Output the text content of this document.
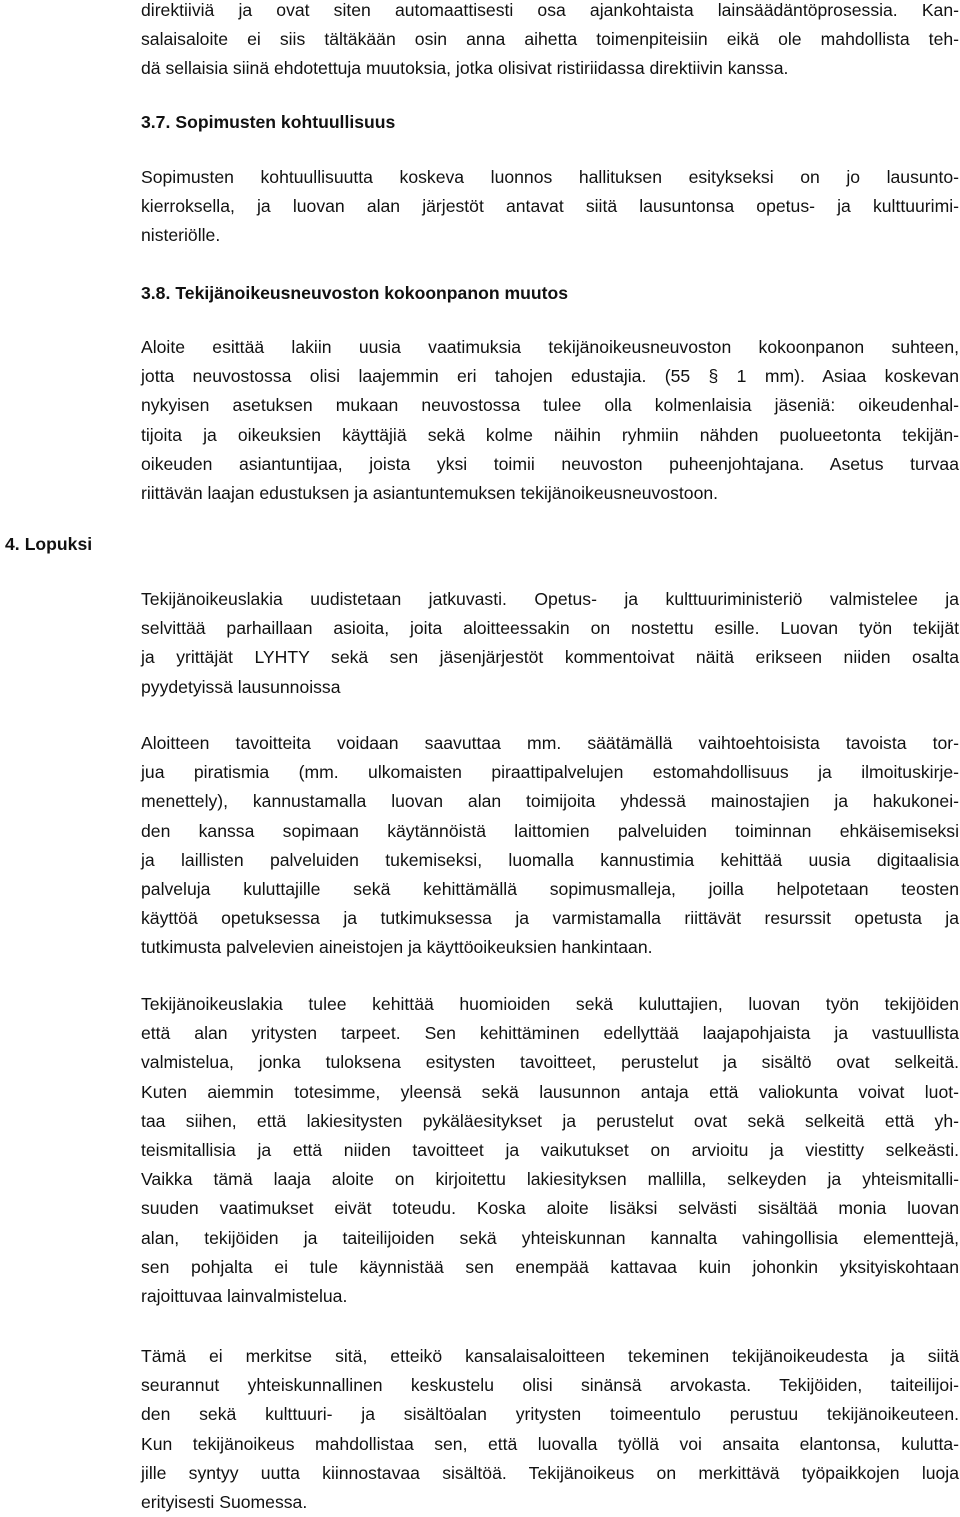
direktiiviä ja ovat siten automaattisesti osa ajankohtaista lainsäädäntöprosessia. Kan-
salaisaloite ei siis tältäkään osin anna aihetta toimenpiteisiin eikä ole mahdollista teh-
dä sellaisia siinä ehdotettuja muutoksia, jotka olisivat ristiriidassa direktiivin kanssa.
3.7. Sopimusten kohtuullisuus
Sopimusten kohtuullisuutta koskeva luonnos hallituksen esitykseksi on jo lausunto-
kierroksella, ja luovan alan järjestöt antavat siitä lausuntonsa opetus- ja kulttuurimi-
nisteriölle.
3.8. Tekijänoikeusneuvoston kokoonpanon muutos
Aloite esittää lakiin uusia vaatimuksia tekijänoikeusneuvoston kokoonpanon suhteen,
jotta neuvostossa olisi laajemmin eri tahojen edustajia. (55 § 1 mm). Asiaa koskevan
nykyisen asetuksen mukaan neuvostossa tulee olla kolmenlaisia jäseniä: oikeudenhal-
tijoita ja oikeuksien käyttäjiä sekä kolme näihin ryhmiin nähden puolueetonta tekijän-
oikeuden asiantuntijaa, joista yksi toimii neuvoston puheenjohtajana. Asetus turvaa
riittävän laajan edustuksen ja asiantuntemuksen tekijänoikeusneuvostoon.
4. Lopuksi
Tekijänoikeuslakia uudistetaan jatkuvasti. Opetus- ja kulttuuriministeriö valmistelee ja
selvittää parhaillaan asioita, joita aloitteessakin on nostettu esille. Luovan työn tekijät
ja yrittäjät LYHTY sekä sen jäsenjärjestöt kommentoivat näitä erikseen niiden osalta
pyydetyissä lausunnoissa
Aloitteen tavoitteita voidaan saavuttaa mm. säätämällä vaihtoehtoisista tavoista tor-
jua piratismia (mm. ulkomaisten piraattipalvelujen estomahdollisuus ja ilmoituskirje-
menettely), kannustamalla luovan alan toimijoita yhdessä mainostajien ja hakukonei-
den kanssa sopimaan käytännöistä laittomien palveluiden toiminnan ehkäisemiseksi
ja laillisten palveluiden tukemiseksi, luomalla kannustimia kehittää uusia digitaalisia
palveluja kuluttajille sekä kehittämällä sopimusmalleja, joilla helpotetaan teosten
käyttöä opetuksessa ja tutkimuksessa ja varmistamalla riittävät resurssit opetusta ja
tutkimusta palvelevien aineistojen ja käyttöoikeuksien hankintaan.
Tekijänoikeuslakia tulee kehittää huomioiden sekä kuluttajien, luovan työn tekijöiden
että alan yritysten tarpeet. Sen kehittäminen edellyttää laajapohjaista ja vastuullista
valmistelua, jonka tuloksena esitysten tavoitteet, perustelut ja sisältö ovat selkeitä.
Kuten aiemmin totesimme, yleensä sekä lausunnon antaja että valiokunta voivat luot-
taa siihen, että lakiesitysten pykäläesitykset ja perustelut ovat sekä selkeitä että yh-
teismitallisia ja että niiden tavoitteet ja vaikutukset on arvioitu ja viestitty selkeästi.
Vaikka tämä laaja aloite on kirjoitettu lakiesityksen mallilla, selkeyden ja yhteismitalli-
suuden vaatimukset eivät toteudu. Koska aloite lisäksi selvästi sisältää monia luovan
alan, tekijöiden ja taiteilijoiden sekä yhteiskunnan kannalta vahingollisia elementtejä,
sen pohjalta ei tule käynnistää sen enempää kattavaa kuin johonkin yksityiskohtaan
rajoittuvaa lainvalmistelua.
Tämä ei merkitse sitä, etteikö kansalaisaloitteen tekeminen tekijänoikeudesta ja siitä
seurannut yhteiskunnallinen keskustelu olisi sinänsä arvokasta. Tekijöiden, taiteilijoi-
den sekä kulttuuri- ja sisältöalan yritysten toimeentulo perustuu tekijänoikeuteen.
Kun tekijänoikeus mahdollistaa sen, että luovalla työllä voi ansaita elantonsa, kulutta-
jille syntyy uutta kiinnostavaa sisältöä. Tekijänoikeus on merkittävä työpaikkojen luoja
erityisesti Suomessa.
